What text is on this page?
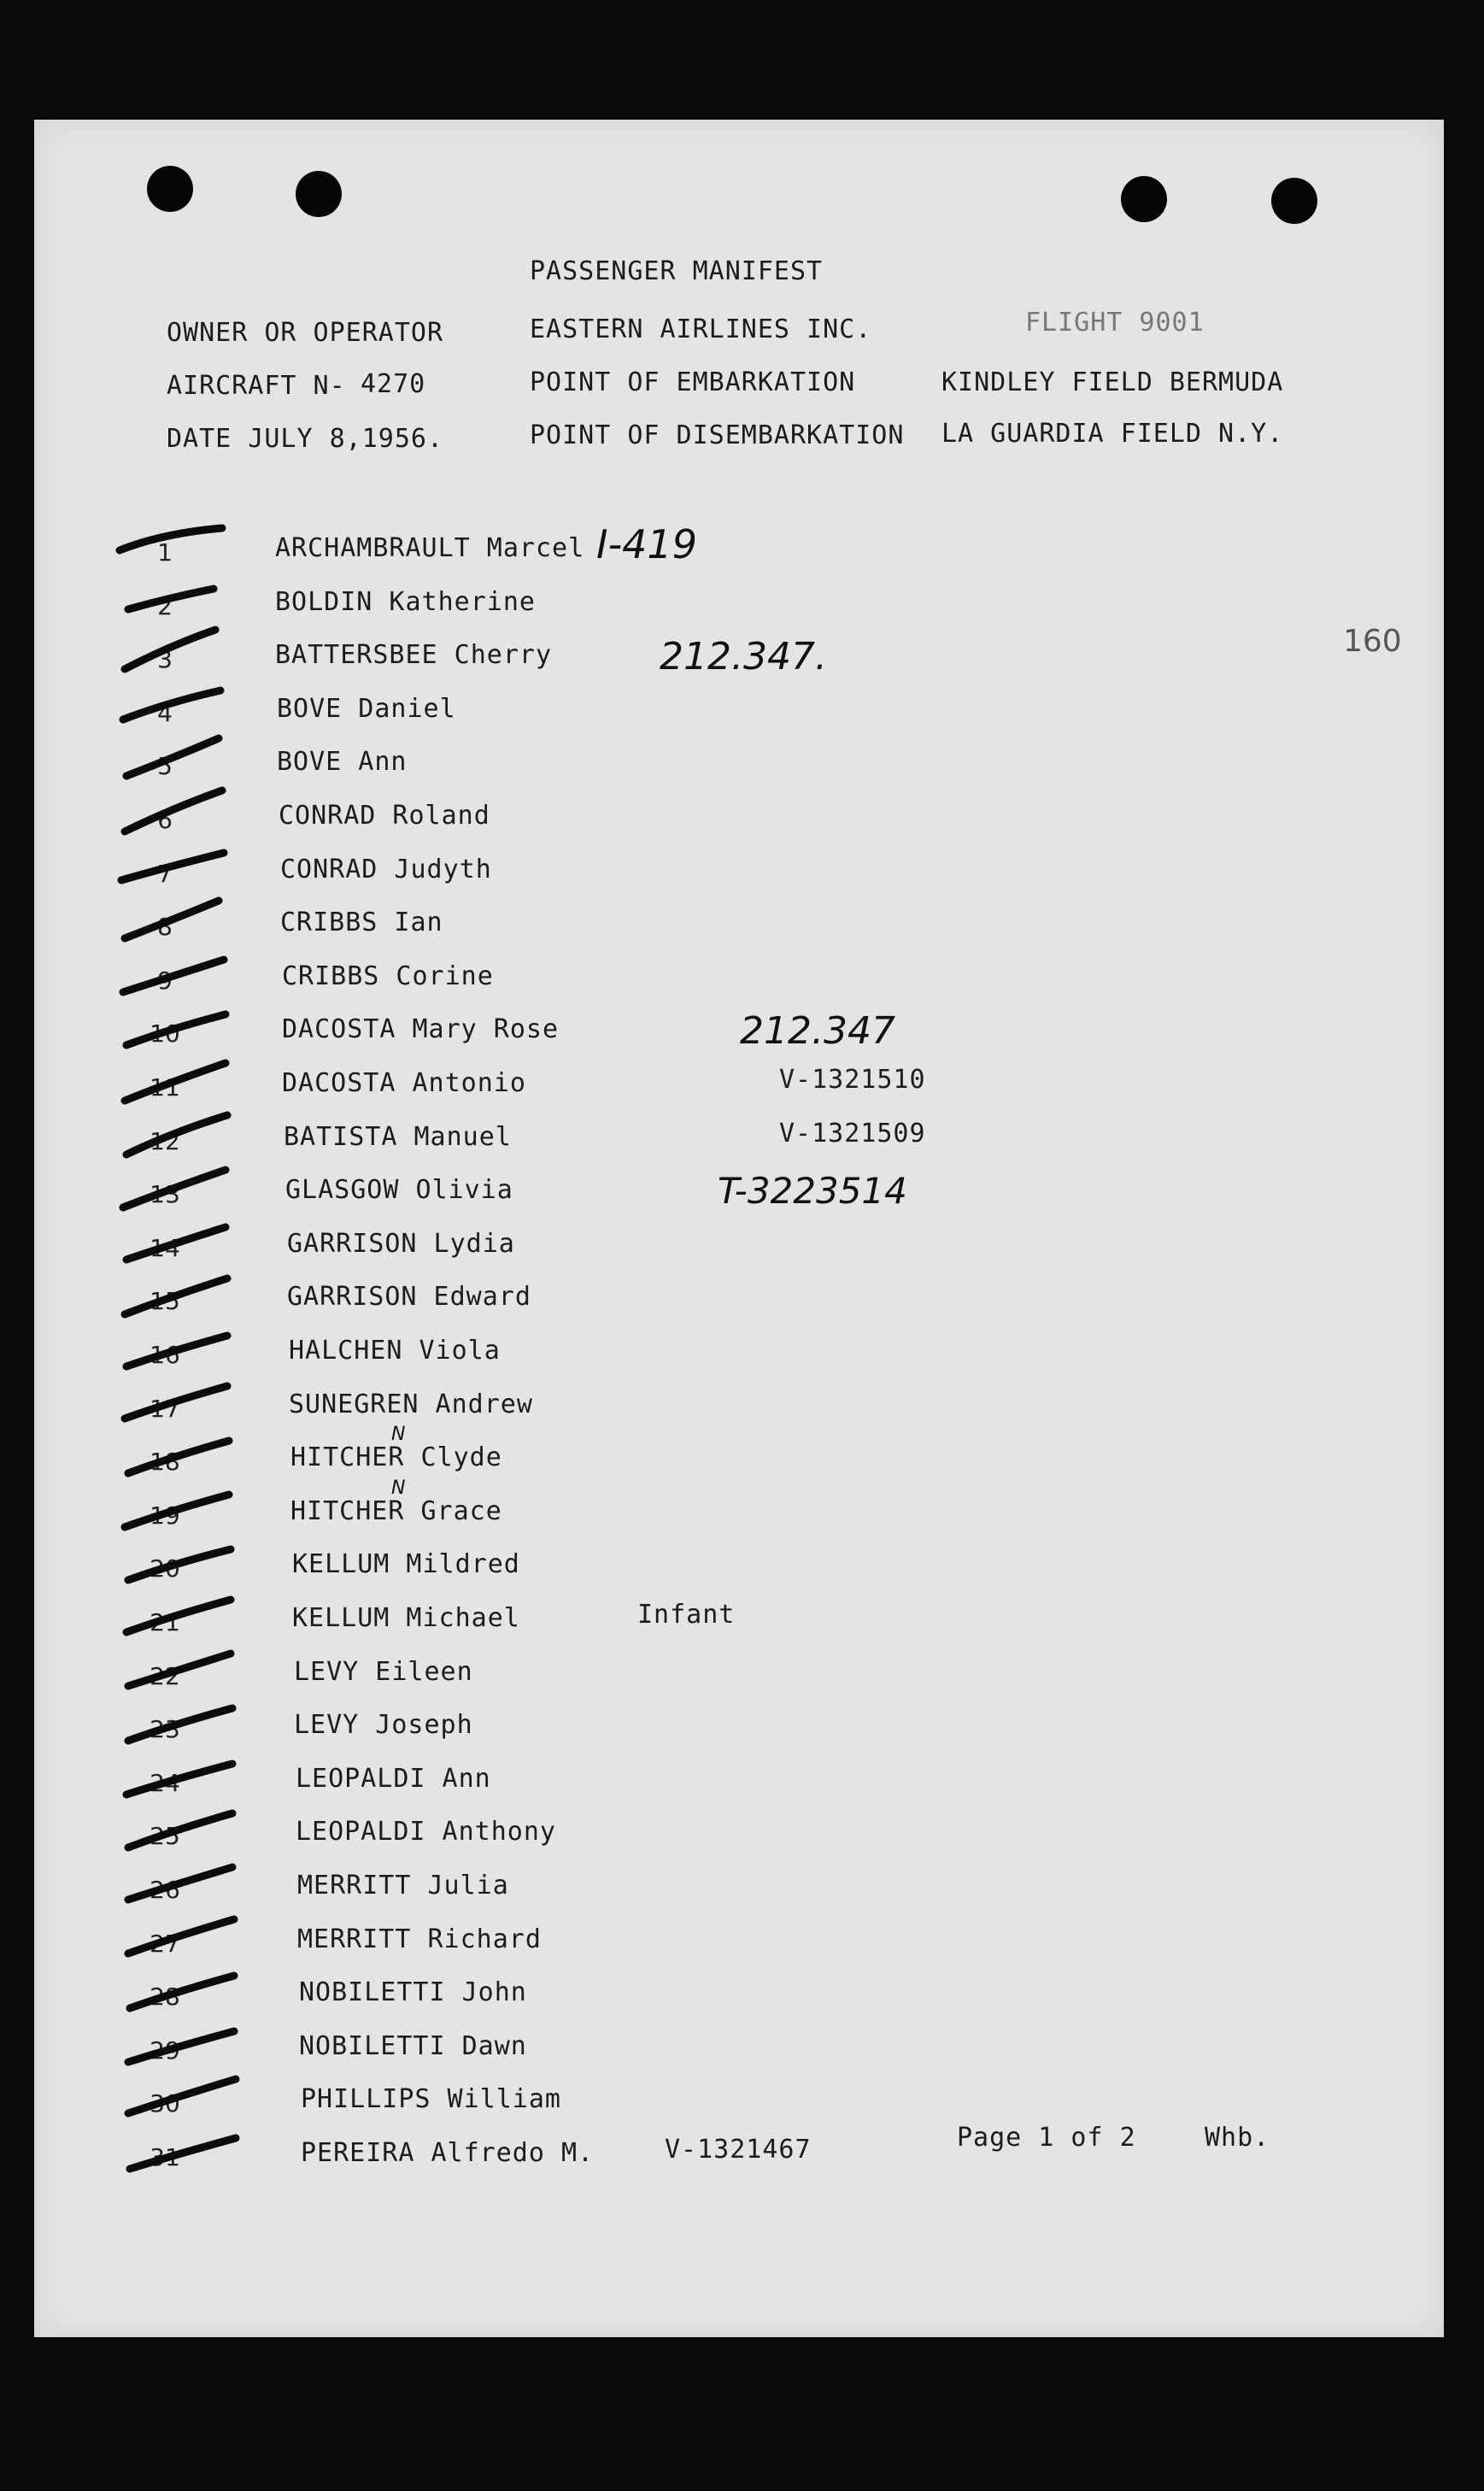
PASSENGER MANIFEST
OWNER OR OPERATOR	EASTERN AIRLINES INC.	FLIGHT 9001
AIRCRAFT N- 4270	POINT OF EMBARKATION	KINDLEY FIELD BERMUDA
DATE JULY 8,1956.	POINT OF DISEMBARKATION LA GUARDIA FIELD N.Y.
160
1	ARCHAMBRAULT Marcel I-419
2	BOLDIN Katherine
3	BATTERSBEE Cherry	212.347.
4	BOVE Daniel
5	BOVE Ann
6	CONRAD Roland
7	CONRAD Judyth
8	CRIBBS Ian
9	CRIBBS Corine
10	DACOSTA Mary Rose	212.347
11	DACOSTA Antonio	V-1321510
12	BATISTA Manuel	V-1321509
13	GLASGOW Olivia	T-3223514
14	GARRISON Lydia
15	GARRISON Edward
16	HALCHEN Viola
17	SUNEGREN Andrew
18	HITCHER Clyde
N
19	HITCHER Grace
N
20	KELLUM Mildred
21	KELLUM Michael	Infant
22	LEVY Eileen
23	LEVY Joseph
24	LEOPALDI Ann
25	LEOPALDI Anthony
26	MERRITT Julia
27	MERRITT Richard
28	NOBILETTI John
29	NOBILETTI Dawn
30	PHILLIPS William
31	PEREIRA Alfredo M.	V-1321467	Page 1 of 2	Whb.
